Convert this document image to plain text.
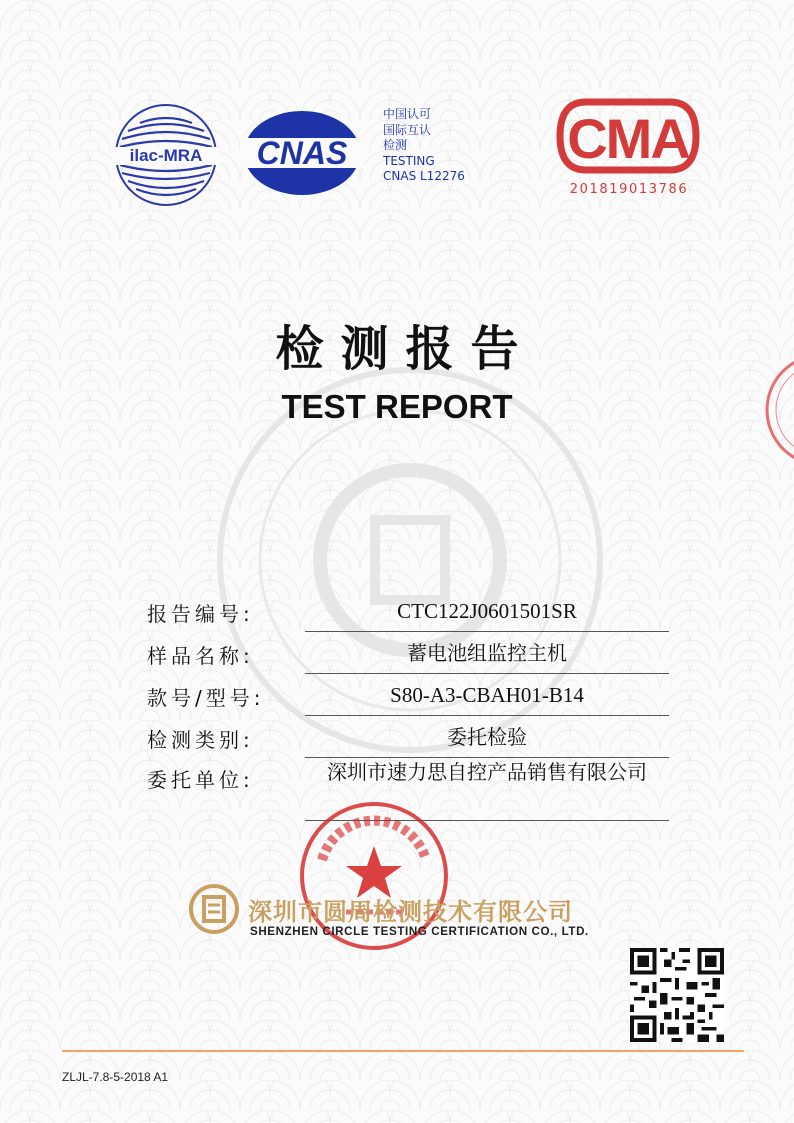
ilac-MRA CNAS
中国认可
国际互认
检测
TESTING
CNAS L12276
CMA
201819013786
检测报告
TEST REPORT
报告编号:	CTC122J0601501SR
样品名称:	蓄电池组监控主机
款号/型号:	S80-A3-CBAH01-B14
检测类别:	委托检验
委托单位:	深圳市速力思自控产品销售有限公司
深圳市圆周检测技术有限公司
SHENZHEN CIRCLE TESTING CERTIFICATION CO., LTD.
ZLJL-7.8-5-2018 A1
